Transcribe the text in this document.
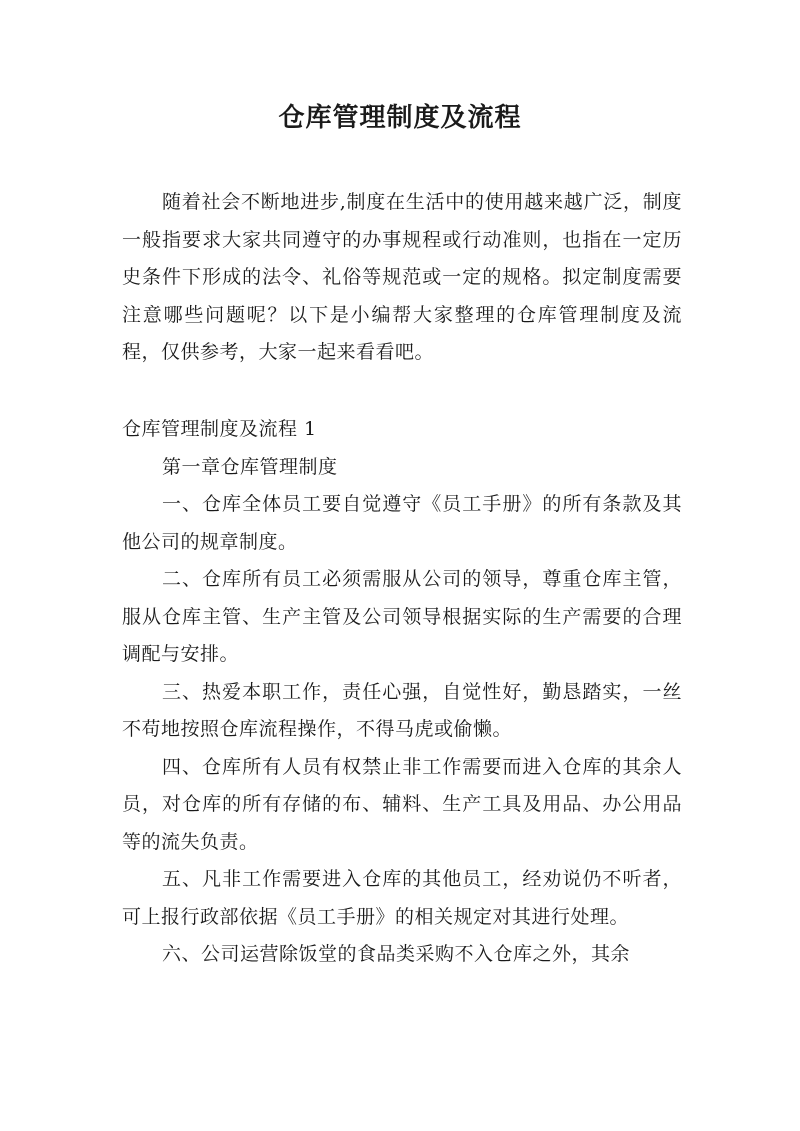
仓库管理制度及流程

随着社会不断地进步,制度在生活中的使用越来越广泛，制度一般指要求大家共同遵守的办事规程或行动准则，也指在一定历史条件下形成的法令、礼俗等规范或一定的规格。拟定制度需要注意哪些问题呢？以下是小编帮大家整理的仓库管理制度及流程，仅供参考，大家一起来看看吧。

仓库管理制度及流程 1

第一章仓库管理制度

一、仓库全体员工要自觉遵守《员工手册》的所有条款及其他公司的规章制度。

二、仓库所有员工必须需服从公司的领导，尊重仓库主管，服从仓库主管、生产主管及公司领导根据实际的生产需要的合理调配与安排。

三、热爱本职工作，责任心强，自觉性好，勤恳踏实，一丝不苟地按照仓库流程操作，不得马虎或偷懒。

四、仓库所有人员有权禁止非工作需要而进入仓库的其余人员，对仓库的所有存储的布、辅料、生产工具及用品、办公用品等的流失负责。

五、凡非工作需要进入仓库的其他员工，经劝说仍不听者，可上报行政部依据《员工手册》的相关规定对其进行处理。

六、公司运营除饭堂的食品类采购不入仓库之外，其余
